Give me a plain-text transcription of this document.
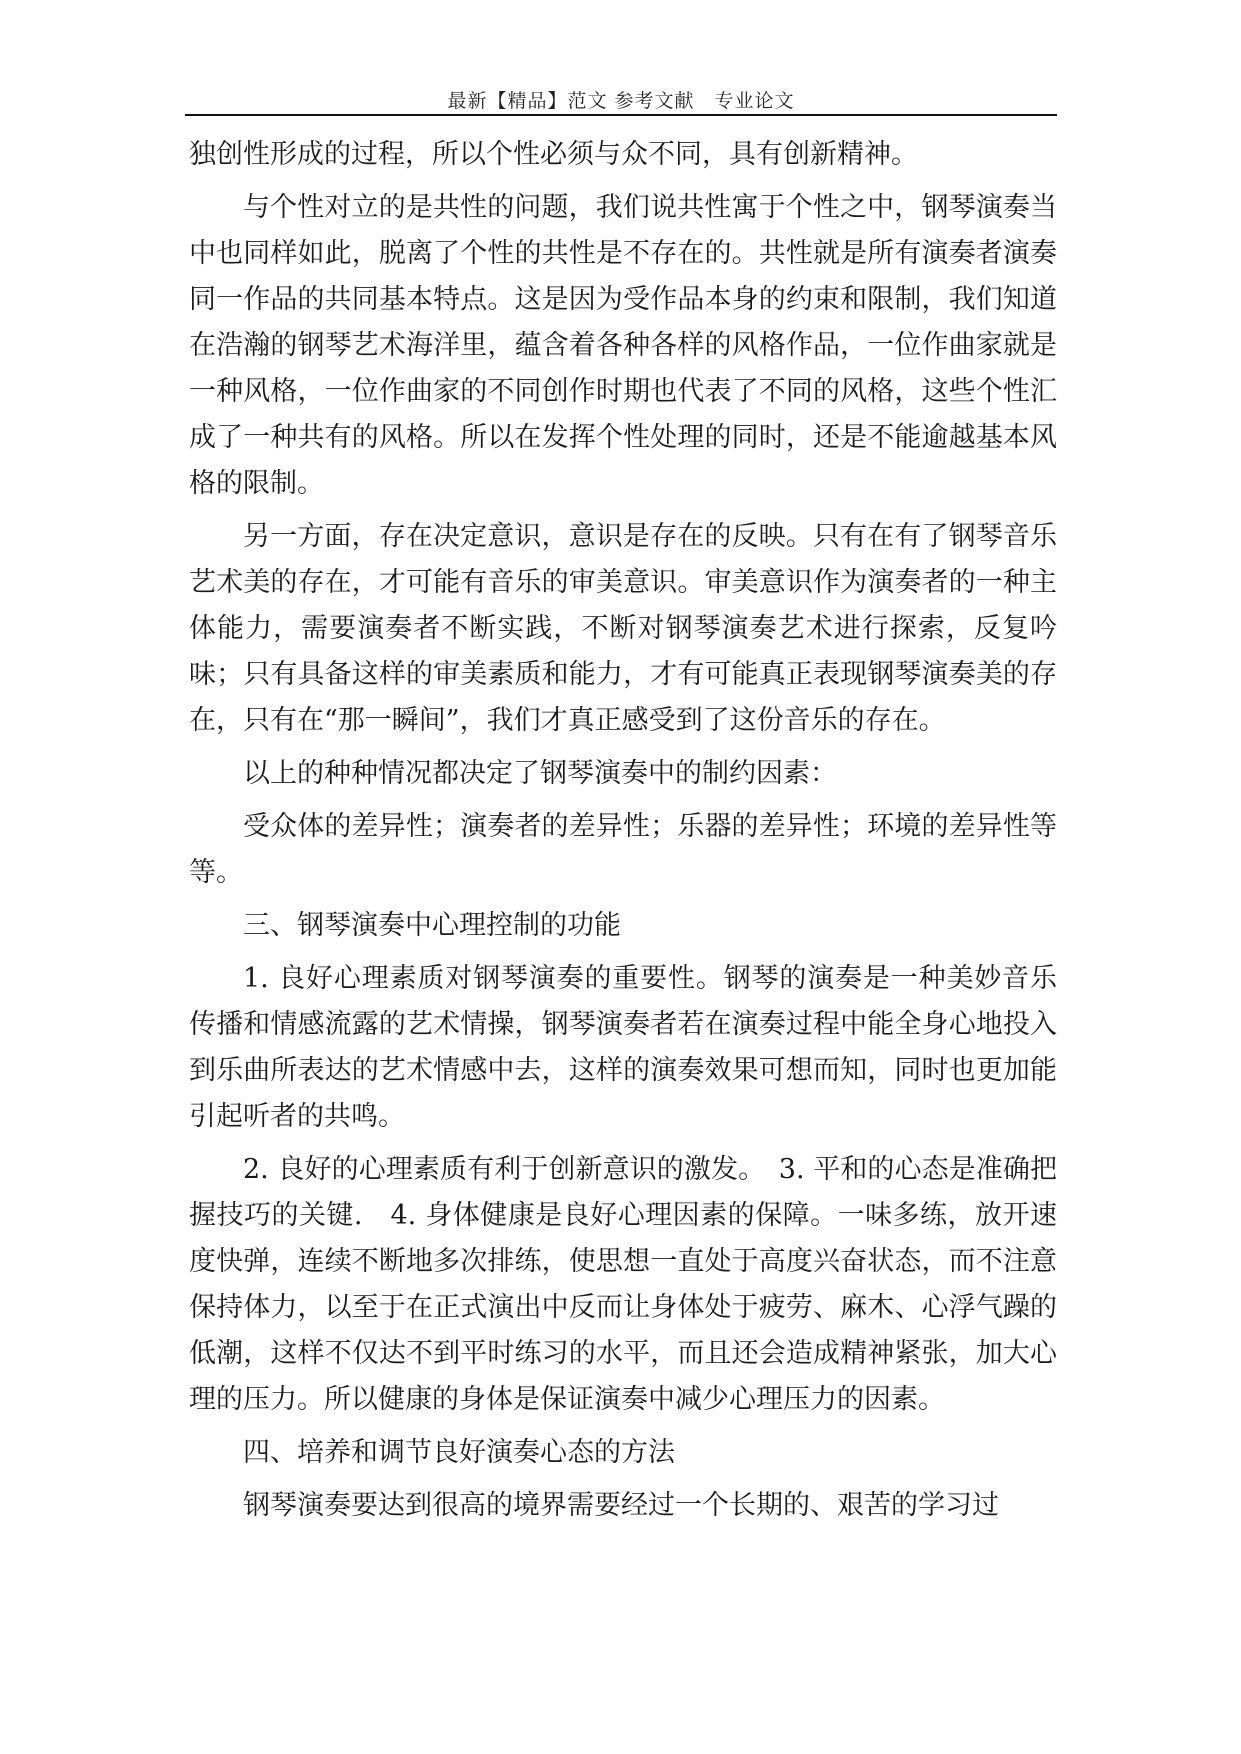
最新【精品】范文 参考文献　专业论文

独创性形成的过程，所以个性必须与众不同，具有创新精神。

与个性对立的是共性的问题，我们说共性寓于个性之中，钢琴演奏当中也同样如此，脱离了个性的共性是不存在的。共性就是所有演奏者演奏同一作品的共同基本特点。这是因为受作品本身的约束和限制，我们知道在浩瀚的钢琴艺术海洋里，蕴含着各种各样的风格作品，一位作曲家就是一种风格，一位作曲家的不同创作时期也代表了不同的风格，这些个性汇成了一种共有的风格。所以在发挥个性处理的同时，还是不能逾越基本风格的限制。

另一方面，存在决定意识，意识是存在的反映。只有在有了钢琴音乐艺术美的存在，才可能有音乐的审美意识。审美意识作为演奏者的一种主体能力，需要演奏者不断实践，不断对钢琴演奏艺术进行探索，反复吟味；只有具备这样的审美素质和能力，才有可能真正表现钢琴演奏美的存在，只有在“那一瞬间”，我们才真正感受到了这份音乐的存在。

以上的种种情况都决定了钢琴演奏中的制约因素：

受众体的差异性；演奏者的差异性；乐器的差异性；环境的差异性等等。

三、钢琴演奏中心理控制的功能

1. 良好心理素质对钢琴演奏的重要性。钢琴的演奏是一种美妙音乐传播和情感流露的艺术情操，钢琴演奏者若在演奏过程中能全身心地投入到乐曲所表达的艺术情感中去，这样的演奏效果可想而知，同时也更加能引起听者的共鸣。

2. 良好的心理素质有利于创新意识的激发。　3. 平和的心态是准确把握技巧的关键.　4. 身体健康是良好心理因素的保障。一味多练，放开速度快弹，连续不断地多次排练，使思想一直处于高度兴奋状态，而不注意保持体力，以至于在正式演出中反而让身体处于疲劳、麻木、心浮气躁的低潮，这样不仅达不到平时练习的水平，而且还会造成精神紧张，加大心理的压力。所以健康的身体是保证演奏中减少心理压力的因素。

四、培养和调节良好演奏心态的方法

钢琴演奏要达到很高的境界需要经过一个长期的、艰苦的学习过
